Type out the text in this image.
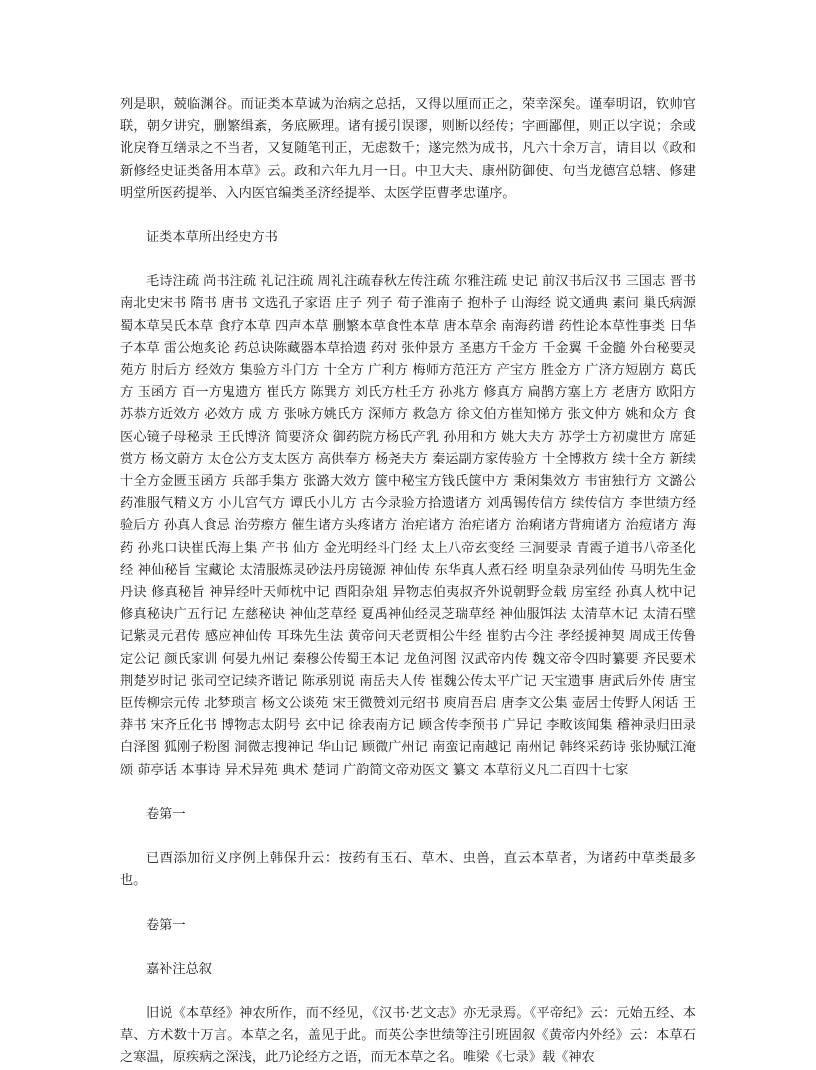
列是职，兢临渊谷。而证类本草诚为治病之总括，又得以厘而正之，荣幸深矣。谨奉明诏，钦帅官联，朝夕讲究，删繁缉紊，务底厥理。诸有援引误谬，则断以经传；字画鄙俚，则正以字说；余或讹戾脊互缮录之不当者，又复随笔刊正，无虑数千；遂完然为成书，凡六十余万言，请目以《政和新修经史证类备用本草》云。政和六年九月一日。中卫大夫、康州防御使、句当龙德宫总辖、修建明堂所医药提举、入内医官编类圣济经提举、太医学臣曹孝忠谨序。

证类本草所出经史方书

毛诗注疏 尚书注疏 礼记注疏 周礼注疏春秋左传注疏 尔雅注疏 史记 前汉书后汉书 三国志 晋书 南北史宋书 隋书 唐书 文选孔子家语 庄子 列子 荀子淮南子 抱朴子 山海经 说文通典 素问 巢氏病源 蜀本草吴氏本草 食疗本草 四声本草 删繁本草食性本草 唐本草余 南海药谱 药性论本草性事类 日华子本草 雷公炮炙论 药总诀陈藏器本草拾遗 药对 张仲景方 圣惠方千金方 千金翼 千金髓 外台秘要灵苑方 肘后方 经效方 集验方斗门方 十全方 广利方 梅师方范汪方 产宝方 胜金方 广济方短剧方 葛氏方 玉函方 百一方鬼遗方 崔氏方 陈巽方 刘氏方杜壬方 孙兆方 修真方 扁鹊方塞上方 老唐方 欧阳方 苏恭方近效方 必效方 成 方 张咏方姚氏方 深师方 救急方 徐文伯方崔知悌方 张文仲方 姚和众方 食医心镜子母秘录 王氏博济 简要济众 御药院方杨氏产乳 孙用和方 姚大夫方 苏学士方初虞世方 席延赏方 杨文蔚方 太仓公方支太医方 高供奉方 杨尧夫方 秦运副方家传验方 十全博救方 续十全方 新续十全方金匮玉函方 兵部手集方 张潞大效方 箧中秘宝方钱氏箧中方 秉闲集效方 韦宙独行方 文潞公药准服气精义方 小儿宫气方 谭氏小儿方 古今录验方拾遗诸方 刘禹锡传信方 续传信方 李世绩方经验后方 孙真人食忌 治劳瘵方 催生诸方头疼诸方 治疟诸方 治疟诸方 治痢诸方背痈诸方 治痘诸方 海药 孙兆口诀崔氏海上集 产书 仙方 金光明经斗门经 太上八帝玄变经 三洞要录 青霞子道书八帝圣化经 神仙秘旨 宝藏论 太清服炼灵砂法丹房镜源 神仙传 东华真人煮石经 明皇杂录列仙传 马明先生金丹诀 修真秘旨 神异经叶天师枕中记 酉阳杂俎 异物志伯夷叔齐外说朝野佥载 房室经 孙真人枕中记 修真秘诀广五行记 左慈秘诀 神仙芝草经 夏禹神仙经灵芝瑞草经 神仙服饵法 太清草木记 太清石壁记紫灵元君传 感应神仙传 耳珠先生法 黄帝问天老贾相公牛经 崔豹古今注 孝经援神契 周成王传鲁定公记 颜氏家训 何晏九州记 秦穆公传蜀王本记 龙鱼河图 汉武帝内传 魏文帝令四时纂要 齐民要术 荆楚岁时记 张司空记续齐谐记 陈承别说 南岳夫人传 崔魏公传太平广记 天宝遗事 唐武后外传 唐宝臣传柳宗元传 北梦琐言 杨文公谈苑 宋王微赞刘元绍书 庾肩吾启 唐李文公集 壶居士传野人闲话 王莽书 宋齐丘化书 博物志太阴号 玄中记 徐表南方记 顾含传李预书 广异记 李畋该闻集 稽神录归田录 白泽图 狐刚子粉图 洞微志搜神记 华山记 顾微广州记 南蛮记南越记 南州记 韩终采药诗 张协赋江淹颂 茆亭话 本事诗 异术异苑 典术 楚词 广韵简文帝劝医文 纂文 本草衍义凡二百四十七家

卷第一

已酉添加衍义序例上韩保升云：按药有玉石、草木、虫兽，直云本草者，为诸药中草类最多也。

卷第一

嘉补注总叙

旧说《本草经》神农所作，而不经见，《汉书·艺文志》亦无录焉。《平帝纪》云：元始五经、本草、方术数十万言。本草之名，盖见于此。而英公李世绩等注引班固叙《黄帝内外经》云：本草石之寒温，原疾病之深浅，此乃论经方之语，而无本草之名。唯梁《七录》载《神农
